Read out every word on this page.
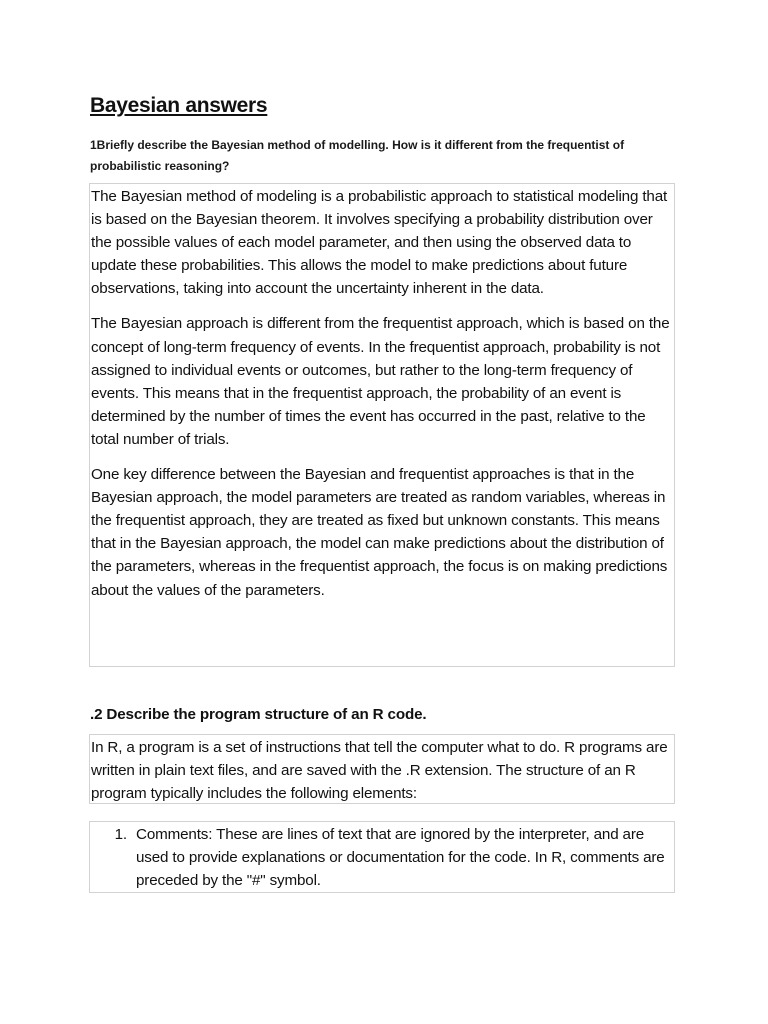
Bayesian answers

1Briefly describe the Bayesian method of modelling. How is it different from the frequentist of probabilistic reasoning?

The Bayesian method of modeling is a probabilistic approach to statistical modeling that is based on the Bayesian theorem. It involves specifying a probability distribution over the possible values of each model parameter, and then using the observed data to update these probabilities. This allows the model to make predictions about future observations, taking into account the uncertainty inherent in the data.

The Bayesian approach is different from the frequentist approach, which is based on the concept of long-term frequency of events. In the frequentist approach, probability is not assigned to individual events or outcomes, but rather to the long-term frequency of events. This means that in the frequentist approach, the probability of an event is determined by the number of times the event has occurred in the past, relative to the total number of trials.

One key difference between the Bayesian and frequentist approaches is that in the Bayesian approach, the model parameters are treated as random variables, whereas in the frequentist approach, they are treated as fixed but unknown constants. This means that in the Bayesian approach, the model can make predictions about the distribution of the parameters, whereas in the frequentist approach, the focus is on making predictions about the values of the parameters.

.2 Describe the program structure of an R code.

In R, a program is a set of instructions that tell the computer what to do. R programs are written in plain text files, and are saved with the .R extension. The structure of an R program typically includes the following elements:

1. Comments: These are lines of text that are ignored by the interpreter, and are used to provide explanations or documentation for the code. In R, comments are preceded by the "#" symbol.
